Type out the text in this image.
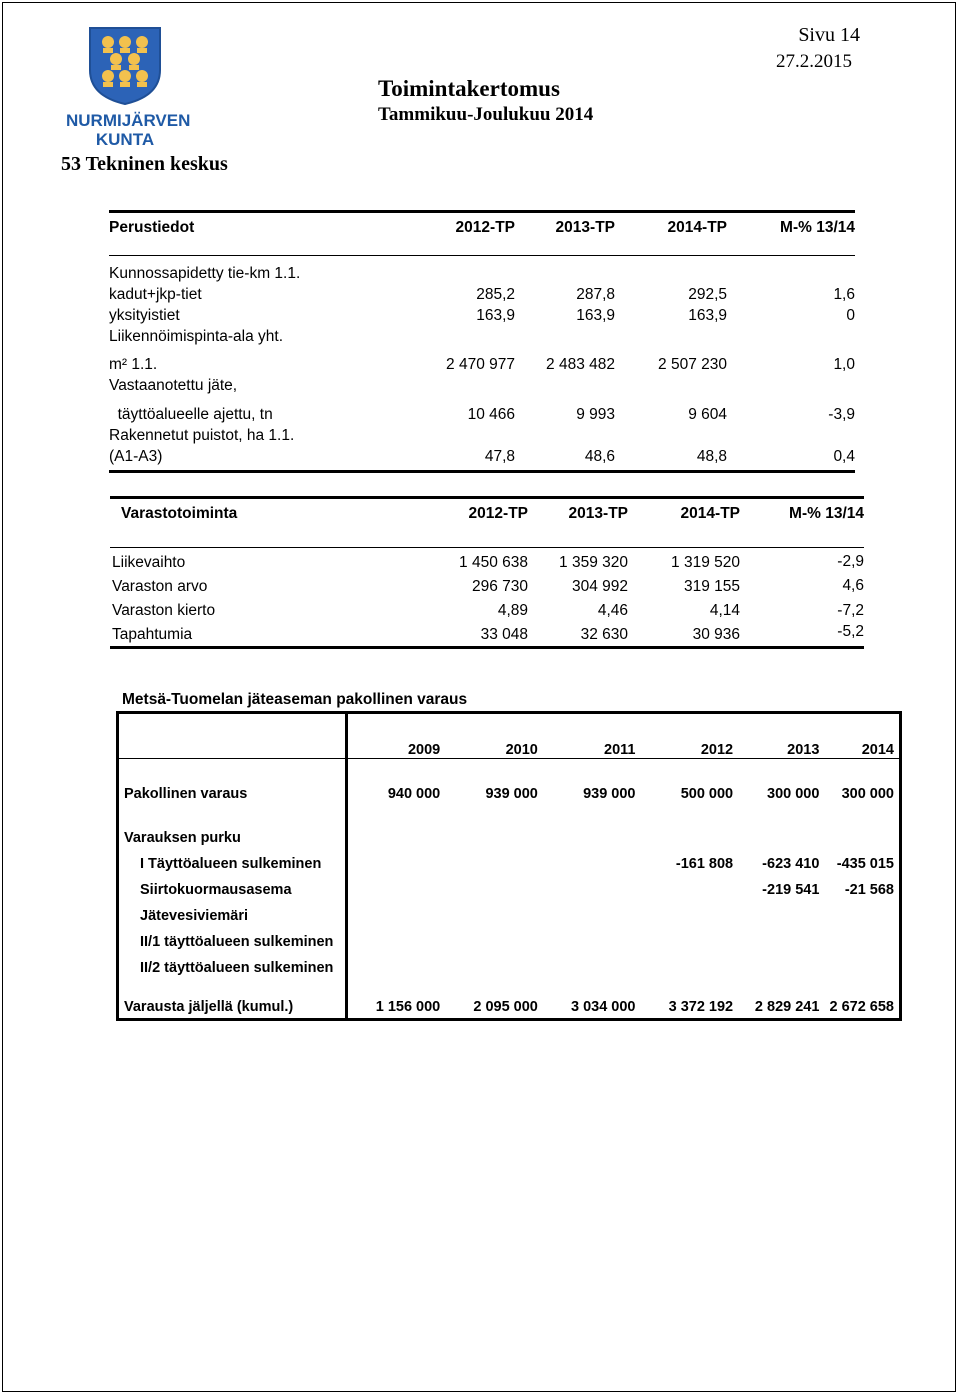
NURMIJÄRVEN
KUNTA
Sivu 14
27.2.2015
Toimintakertomus
Tammikuu-Joulukuu 2014
53 Tekninen keskus
Perustiedot	2012-TP	2013-TP	2014-TP	M-% 13/14
Kunnossapidetty tie-km 1.1.				
kadut+jkp-tiet	285,2	287,8	292,5	1,6
yksityistiet	163,9	163,9	163,9	0
Liikennöimispinta-ala yht.				
m² 1.1.	2 470 977	2 483 482	2 507 230	1,0
Vastaanotettu jäte,				
täyttöalueelle ajettu, tn	10 466	9 993	9 604	-3,9
Rakennetut puistot, ha 1.1.				
(A1-A3)	47,8	48,6	48,8	0,4
Varastotoiminta	2012-TP	2013-TP	2014-TP	M-% 13/14
Liikevaihto	1 450 638	1 359 320	1 319 520	-2,9
Varaston arvo	296 730	304 992	319 155	4,6
Varaston kierto	4,89	4,46	4,14	-7,2
Tapahtumia	33 048	32 630	30 936	-5,2
Metsä-Tuomelan jäteaseman pakollinen varaus
	2009	2010	2011	2012	2013	2014
Pakollinen varaus	940 000	939 000	939 000	500 000	300 000	300 000
Varauksen purku						
I Täyttöalueen sulkeminen				-161 808	-623 410	-435 015
Siirtokuormausasema					-219 541	-21 568
Jätevesiviemäri						
II/1 täyttöalueen sulkeminen						
II/2 täyttöalueen sulkeminen						
Varausta jäljellä (kumul.)	1 156 000	2 095 000	3 034 000	3 372 192	2 829 241	2 672 658
